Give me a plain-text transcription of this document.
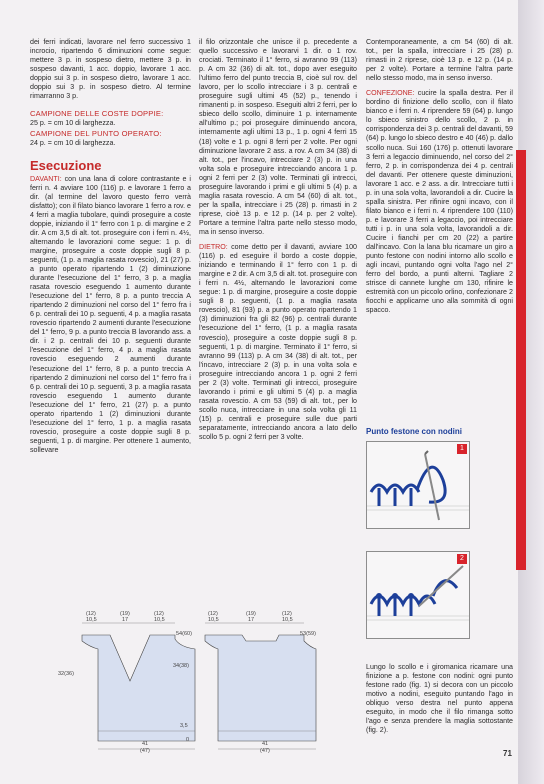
dei ferri indicati, lavorare nel ferro successivo 1 incrocio, ripartendo 6 diminuzioni come segue: mettere 3 p. in sospeso dietro, mettere 3 p. in sospeso davanti, 1 acc. doppio, lavorare 1 acc. doppio sui 3 p. in sospeso dietro, lavorare 1 acc. doppio sui 3 p. in sospeso dietro. Al termine rimarranno 3 p.

CAMPIONE DELLE COSTE DOPPIE:

25 p. = cm 10 di larghezza.

CAMPIONE DEL PUNTO OPERATO:

24 p. = cm 10 di larghezza.

Esecuzione

DAVANTI: con una lana di colore contrastante e i ferri n. 4 avviare 100 (116) p. e lavorare 1 ferro a dir. (al termine del lavoro questo ferro verrà disfatto); con il filato bianco lavorare 1 ferro a rov. e 4 ferri a maglia tubolare, quindi proseguire a coste doppie, iniziando il 1° ferro con 1 p. di margine e 2 dir. A cm 3,5 di alt. tot. proseguire con i ferri n. 4½, alternando le lavorazioni come segue: 1 p. di margine, proseguire a coste doppie sugli 8 p. seguenti, (1 p. a maglia rasata rovescio), 21 (27) p. a punto operato ripartendo 1 (2) diminuzione durante l'esecuzione del 1° ferro, 3 p. a maglia rasata rovescio eseguendo 1 aumento durante l'esecuzione del 1° ferro, 8 p. a punto treccia A ripartendo 2 diminuzioni nel corso del 1° ferro fra i 6 p. centrali dei 10 p. seguenti, 4 p. a maglia rasata rovescio ripartendo 2 aumenti durante l'esecuzione del 1° ferro, 9 p. a punto treccia B lavorando ass. a dir. i 2 p. centrali dei 10 p. seguenti durante l'esecuzione del 1° ferro, 4 p. a maglia rasata rovescio eseguendo 2 aumenti durante l'esecuzione del 1° ferro, 8 p. a punto treccia A ripartendo 2 diminuzioni nel corso del 1° ferro fra i 6 p. centrali dei 10 p. seguenti, 3 p. a maglia rasata rovescio eseguendo 1 aumento durante l'esecuzione del 1° ferro, 21 (27) p. a punto operato ripartendo 1 (2) diminuzioni durante l'esecuzione del 1° ferro, 1 p. a maglia rasata rovescio, proseguire a coste doppie sugli 8 p. seguenti, 1 p. di margine. Per ottenere 1 aumento, sollevare

il filo orizzontale che unisce il p. precedente a quello successivo e lavorarvi 1 dir. o 1 rov. crociati. Terminato il 1° ferro, si avranno 99 (113) p. A cm 32 (36) di alt. tot., dopo aver eseguito l'ultimo ferro del punto treccia B, cioè sul rov. del lavoro, per lo scollo intrecciare i 3 p. centrali e proseguire sugli ultimi 45 (52) p., tenendo i rimanenti p. in sospeso. Eseguiti altri 2 ferri, per lo sbieco dello scollo, diminuire 1 p. internamente all'ultimo p.; poi proseguire diminuendo ancora, internamente agli ultimi 13 p., 1 p. ogni 4 ferri 15 (18) volte e 1 p. ogni 8 ferri per 2 volte. Per ogni diminuzione lavorare 2 ass. a rov. A cm 34 (38) di alt. tot., per l'incavo, intrecciare 2 (3) p. in una volta sola e proseguire intrecciando ancora 1 p. ogni 2 ferri per 2 (3) volte. Terminati gli intrecci, proseguire lavorando i primi e gli ultimi 5 (4) p. a maglia rasata rovescio. A cm 54 (60) di alt. tot., per la spalla, intrecciare i 25 (28) p. rimasti in 2 riprese, cioè 13 p. e 12 p. (14 p. per 2 volte). Portare a termine l'altra parte nello stesso modo, ma in senso inverso.

DIETRO: come detto per il davanti, avviare 100 (116) p. ed eseguire il bordo a coste doppie, iniziando e terminando il 1° ferro con 1 p. di margine e 2 dir. A cm 3,5 di alt. tot. proseguire con i ferri n. 4½, alternando le lavorazioni come segue: 1 p. di margine, proseguire a coste doppie sugli 8 p. seguenti, (1 p. a maglia rasata rovescio), 81 (93) p. a punto operato ripartendo 1 (3) diminuzioni fra gli 82 (96) p. centrali durante l'esecuzione del 1° ferro, (1 p. a maglia rasata rovescio), proseguire a coste doppie sugli 8 p. seguenti, 1 p. di margine. Terminato il 1° ferro, si avranno 99 (113) p. A cm 34 (38) di alt. tot., per l'incavo, intrecciare 2 (3) p. in una volta sola e proseguire intrecciando ancora 1 p. ogni 2 ferri per 2 (3) volte. Terminati gli intrecci, proseguire lavorando i primi e gli ultimi 5 (4) p. a maglia rasata rovescio. A cm 53 (59) di alt. tot., per lo scollo nuca, intrecciare in una sola volta gli 11 (15) p. centrali e proseguire sulle due parti separatamente, intrecciando ancora a lato dello scollo 5 p. ogni 2 ferri per 3 volte.

Contemporaneamente, a cm 54 (60) di alt. tot., per la spalla, intrecciare i 25 (28) p. rimasti in 2 riprese, cioè 13 p. e 12 p. (14 p. per 2 volte). Portare a termine l'altra parte nello stesso modo, ma in senso inverso.

CONFEZIONE: cucire la spalla destra. Per il bordino di finizione dello scollo, con il filato bianco e i ferri n. 4 riprendere 59 (64) p. lungo lo sbieco sinistro dello scollo, 2 p. in corrispondenza dei 3 p. centrali del davanti, 59 (64) p. lungo lo sbieco destro e 40 (46) p. dallo scollo nuca. Sui 160 (176) p. ottenuti lavorare 3 ferri a legaccio diminuendo, nel corso del 2° ferro, 2 p. in corrispondenza dei 4 p. centrali del davanti. Per ottenere queste diminuzioni, lavorare 1 acc. e 2 ass. a dir. Intrecciare tutti i p. in una sola volta, lavorandoli a dir. Cucire la spalla sinistra. Per rifinire ogni incavo, con il filato bianco e i ferri n. 4 riprendere 100 (110) p. e lavorare 3 ferri a legaccio, poi intrecciare tutti i p. in una sola volta, lavorandoli a dir. Cucire i fianchi per cm 20 (22) a partire dall'incavo. Con la lana blu ricamare un giro a punto festone con nodini intorno allo scollo e agli incavi, puntando ogni volta l'ago nel 2° ferro del bordo, a punti alterni. Tagliare 2 strisce di cannete lunghe cm 130, rifinire le estremità con un piccolo orlino, confezionare 2 fiocchi e applicarne uno alla sommità di ogni spacco.

Punto festone con nodini
1
2

Lungo lo scollo e i giromanica ricamare una finizione a p. festone con nodini: ogni punto festone rado (fig. 1) si decora con un piccolo motivo a nodini, eseguito puntando l'ago in obliquo verso destra nel punto appena eseguito, in modo che il filo rimanga sotto l'ago e senza prendere la maglia sottostante (fig. 2).

(12)
10,5
(19)
17
(12)
10,5
(12)
10,5
(19)
17
(12)
10,5
54(60)	53(59)
32(36)
34(38)
3,5
0
41
(47)
41
(47)	71
